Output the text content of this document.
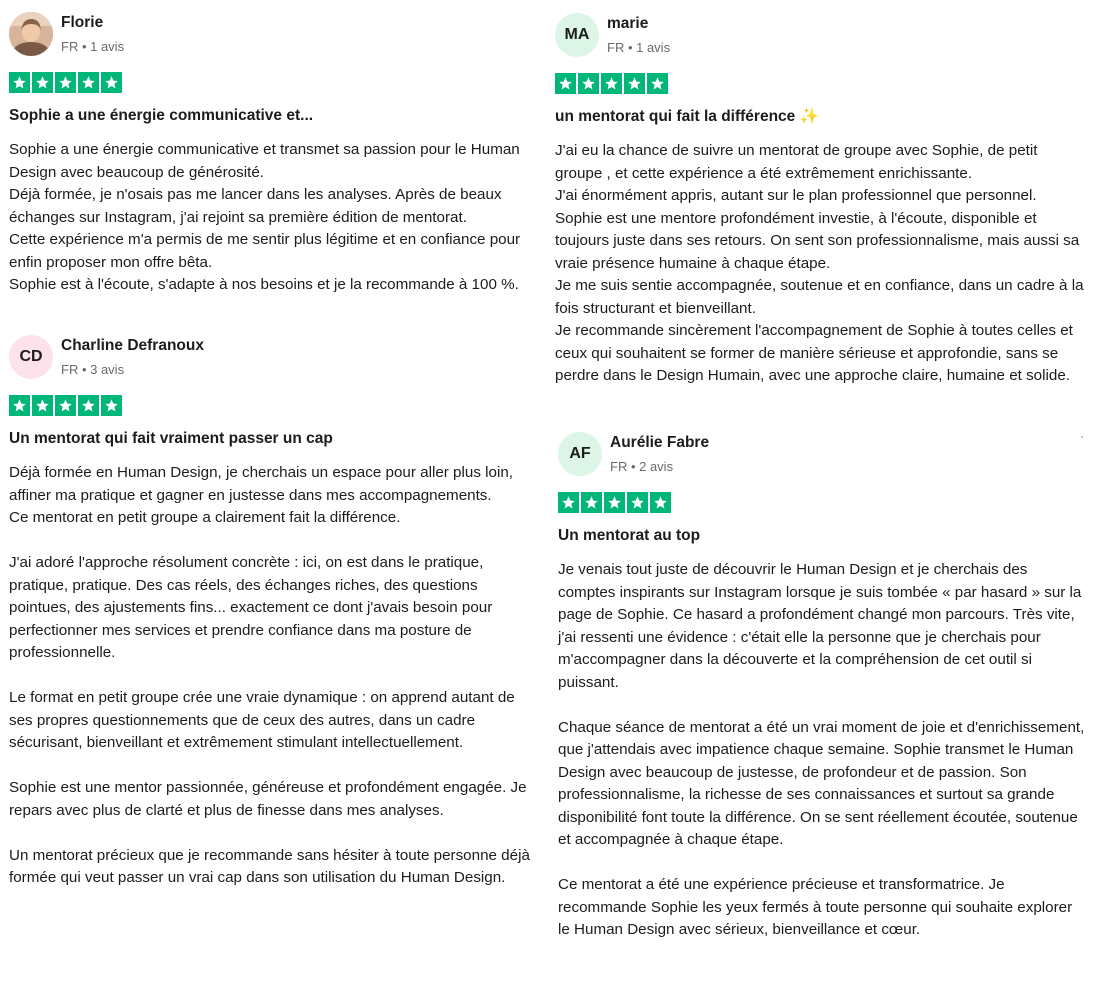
Florie
FR • 1 avis
Sophie a une énergie communicative et...
Sophie a une énergie communicative et transmet sa passion pour le Human Design avec beaucoup de générosité.
Déjà formée, je n'osais pas me lancer dans les analyses. Après de beaux échanges sur Instagram, j'ai rejoint sa première édition de mentorat.
Cette expérience m'a permis de me sentir plus légitime et en confiance pour enfin proposer mon offre bêta.
Sophie est à l'écoute, s'adapte à nos besoins et je la recommande à 100 %.
CD
Charline Defranoux
FR • 3 avis
Un mentorat qui fait vraiment passer un cap
Déjà formée en Human Design, je cherchais un espace pour aller plus loin, affiner ma pratique et gagner en justesse dans mes accompagnements.
Ce mentorat en petit groupe a clairement fait la différence.

J'ai adoré l'approche résolument concrète : ici, on est dans le pratique, pratique, pratique. Des cas réels, des échanges riches, des questions pointues, des ajustements fins... exactement ce dont j'avais besoin pour perfectionner mes services et prendre confiance dans ma posture de professionnelle.

Le format en petit groupe crée une vraie dynamique : on apprend autant de ses propres questionnements que de ceux des autres, dans un cadre sécurisant, bienveillant et extrêmement stimulant intellectuellement.

Sophie est une mentor passionnée, généreuse et profondément engagée. Je repars avec plus de clarté et plus de finesse dans mes analyses.

Un mentorat précieux que je recommande sans hésiter à toute personne déjà formée qui veut passer un vrai cap dans son utilisation du Human Design.
MA
marie
FR • 1 avis
un mentorat qui fait la différence ✨
J'ai eu la chance de suivre un mentorat de groupe avec Sophie, de petit groupe , et cette expérience a été extrêmement enrichissante.
J'ai énormément appris, autant sur le plan professionnel que personnel. Sophie est une mentore profondément investie, à l'écoute, disponible et toujours juste dans ses retours. On sent son professionnalisme, mais aussi sa vraie présence humaine à chaque étape.
Je me suis sentie accompagnée, soutenue et en confiance, dans un cadre à la fois structurant et bienveillant.
Je recommande sincèrement l'accompagnement de Sophie à toutes celles et ceux qui souhaitent se former de manière sérieuse et approfondie, sans se perdre dans le Design Humain, avec une approche claire, humaine et solide.
AF
Aurélie Fabre
FR • 2 avis
Un mentorat au top
Je venais tout juste de découvrir le Human Design et je cherchais des comptes inspirants sur Instagram lorsque je suis tombée « par hasard » sur la page de Sophie. Ce hasard a profondément changé mon parcours. Très vite, j'ai ressenti une évidence : c'était elle la personne que je cherchais pour m'accompagner dans la découverte et la compréhension de cet outil si puissant.

Chaque séance de mentorat a été un vrai moment de joie et d'enrichissement, que j'attendais avec impatience chaque semaine. Sophie transmet le Human Design avec beaucoup de justesse, de profondeur et de passion. Son professionnalisme, la richesse de ses connaissances et surtout sa grande disponibilité font toute la différence. On se sent réellement écoutée, soutenue et accompagnée à chaque étape.

Ce mentorat a été une expérience précieuse et transformatrice. Je recommande Sophie les yeux fermés à toute personne qui souhaite explorer le Human Design avec sérieux, bienveillance et cœur.
